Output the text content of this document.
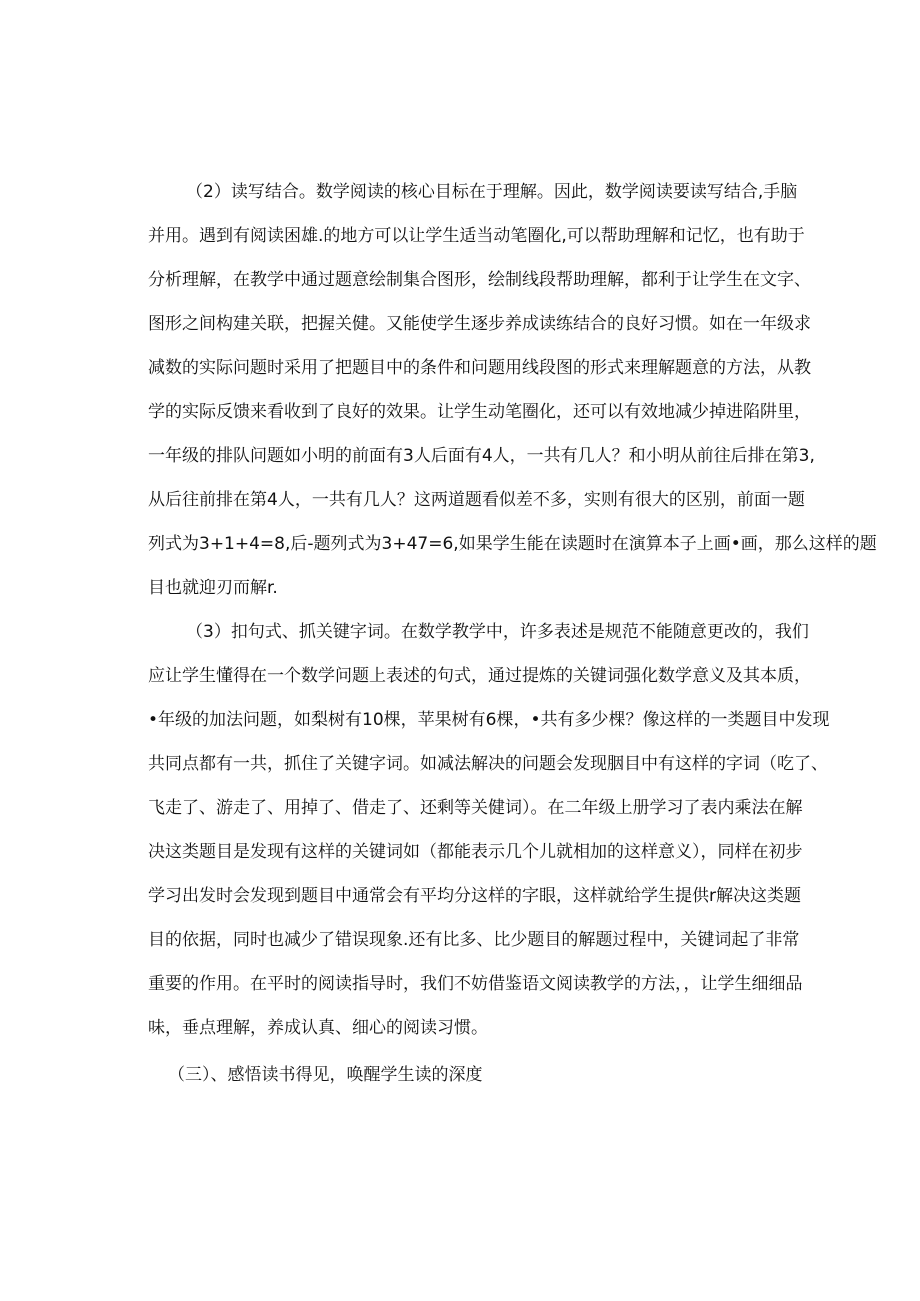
（2）读写结合。数学阅读的核心目标在于理解。因此，数学阅读要读写结合,手脑

并用。遇到有阅读困雄.的地方可以让学生适当动笔圈化,可以帮助理解和记忆，也有助于

分析理解，在教学中通过题意绘制集合图形，绘制线段帮助理解，都利于让学生在文字、

图形之间构建关联，把握关健。又能使学生逐步养成读练结合的良好习惯。如在一年级求

减数的实际问题时采用了把题目中的条件和问题用线段图的形式来理解题意的方法，从教

学的实际反馈来看收到了良好的效果。让学生动笔圈化，还可以有效地减少掉进陷阱里，

一年级的排队问题如小明的前面有3人后面有4人，一共有几人？和小明从前往后排在第3,

从后往前排在第4人，一共有几人？这两道题看似差不多，实则有很大的区别，前面一题

列式为3+1+4=8,后-题列式为3+47=6,如果学生能在读题时在演算本子上画•画，那么这样的题

目也就迎刃而解r.

（3）扣句式、抓关键字词。在数学教学中，许多表述是规范不能随意更改的，我们

应让学生懂得在一个数学问题上表述的句式，通过提炼的关键词强化数学意义及其本质，

•年级的加法问题，如梨树有10棵，苹果树有6棵，•共有多少棵？像这样的一类题目中发现

共同点都有一共，抓住了关键字词。如减法解决的问题会发现胭目中有这样的字词（吃了、

飞走了、游走了、用掉了、借走了、还剩等关健词）。在二年级上册学习了表内乘法在解

决这类题目是发现有这样的关键词如（都能表示几个儿就相加的这样意义），同样在初步

学习出发时会发现到题目中通常会有平均分这样的字眼，这样就给学生提供r解决这类题

目的依据，同时也减少了错误现象.还有比多、比少题目的解题过程中，关键词起了非常

重要的作用。在平时的阅读指导时，我们不妨借鉴语文阅读教学的方法，，让学生细细品

味，垂点理解，养成认真、细心的阅读习惯。

（三）、感悟读书得见，唤醒学生读的深度
